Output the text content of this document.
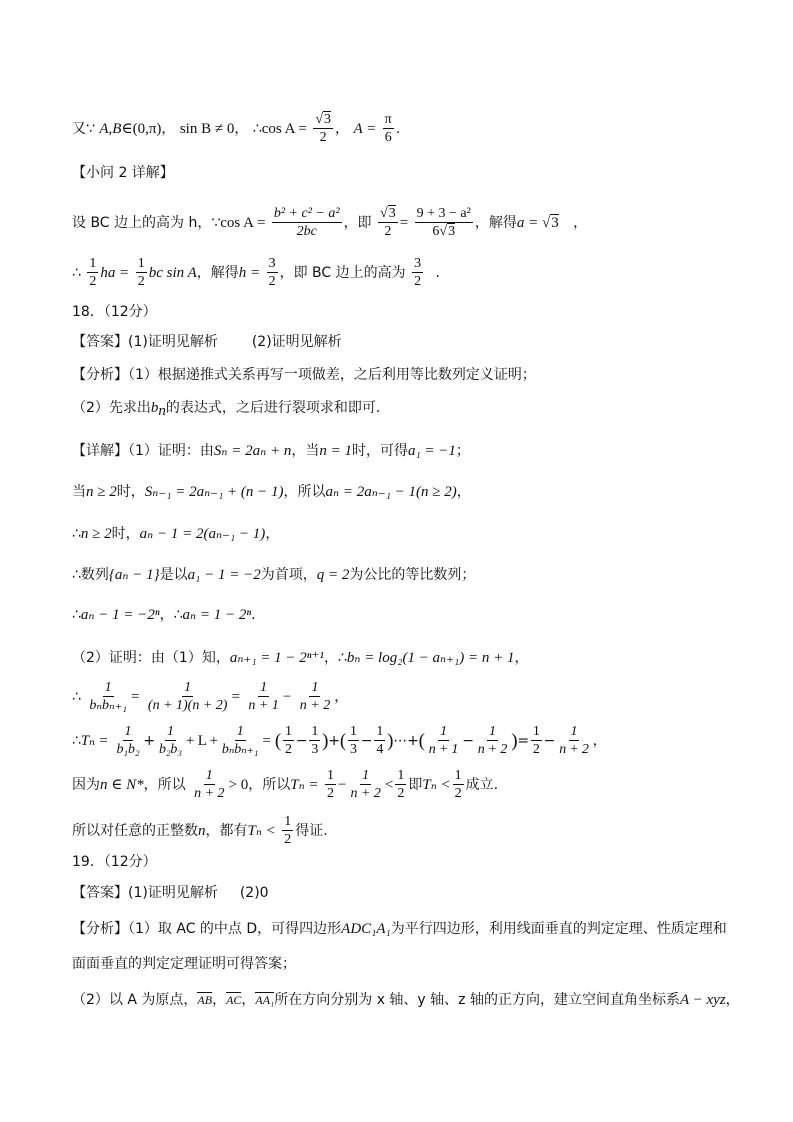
又∵ A,B∈(0,π)， sin B ≠ 0， ∴cos A = √ $\frac{3}{2}$ ， $A = \frac{\pi}{6}$ .
【小问 2 详解】
设 BC 边上的高为 h，∵cos $A = \frac{\text{b² + c² − a²}}{2bc}$ ，即 √ $\frac{3}{2} = \frac{\text{9 + 3 − a²}}{6 √ 3}$ ，解得a = √ 3 ，
∴ $\frac{1}{2}$ ha = $\frac{1}{2}$ bc sin A，解得$h = \frac{3}{2}$ ，即 BC 边上的高为 $\frac{3}{2}$ .
18．（12分）
【答案】(1)证明见解析 (2)证明见解析
【分析】（1）根据递推式关系再写一项做差，之后利用等比数列定义证明；
（2）先求出$b_n$的表达式，之后进行裂项求和即可.
【详解】（1）证明：由Sₙ = 2aₙ + n，当n = 1时，可得a₁ = −1；
当n ≥ 2时，Sₙ₋₁ = 2aₙ₋₁ + (n − 1)，所以aₙ = 2aₙ₋₁ − 1(n ≥ 2)，
∴n ≥ 2时，aₙ − 1 = 2(aₙ₋₁ − 1)，
∴数列{aₙ − 1}是以a₁ − 1 = −2为首项，q = 2为公比的等比数列；
∴aₙ − 1 = −2ⁿ，∴aₙ = 1 − 2ⁿ.
（2）证明：由（1）知，aₙ₊₁ = 1 − 2ⁿ⁺¹，∴bₙ = log₂(1 − aₙ₊₁) = n + 1，
∴ $\frac{1}{\text{bₙbₙ₊₁}} = \frac{1}{(n + 1)(n + 2)} = \frac{1}{n + 1} - \frac{1}{n + 2}$ ，
∴Tₙ = $\frac{1}{\text{b₁b₂}} + \frac{1}{\text{b₂b₃}} + L + \frac{1}{\text{bₙbₙ₊₁}}$ = ( $\frac{1}{2} - \frac{1}{3}$ )+( $\frac{1}{3} - \frac{1}{4}$ )⋯+( $\frac{1}{n + 1} - \frac{1}{n + 2}$ )= $\frac{1}{2} - \frac{1}{n + 2}$ ，
因为n ∈ N*，所以 $\frac{1}{n + 2} > 0$，所以$T_n = \frac{1}{2} - \frac{1}{n + 2} < \frac{1}{2}$ 即$T_n < \frac{1}{2}$ 成立.
所以对任意的正整数n，都有$T_n < \frac{1}{2}$ 得证.
19．（12分）
【答案】(1)证明见解析 (2)0
【分析】（1）取 AC 的中点 D，可得四边形ADC₁A₁为平行四边形，利用线面垂直的判定定理、性质定理和
面面垂直的判定定理证明可得答案；
（2）以 A 为原点，AB，AC，AA₁所在方向分别为 x 轴、y 轴、z 轴的正方向，建立空间直角坐标系A − xyz，
